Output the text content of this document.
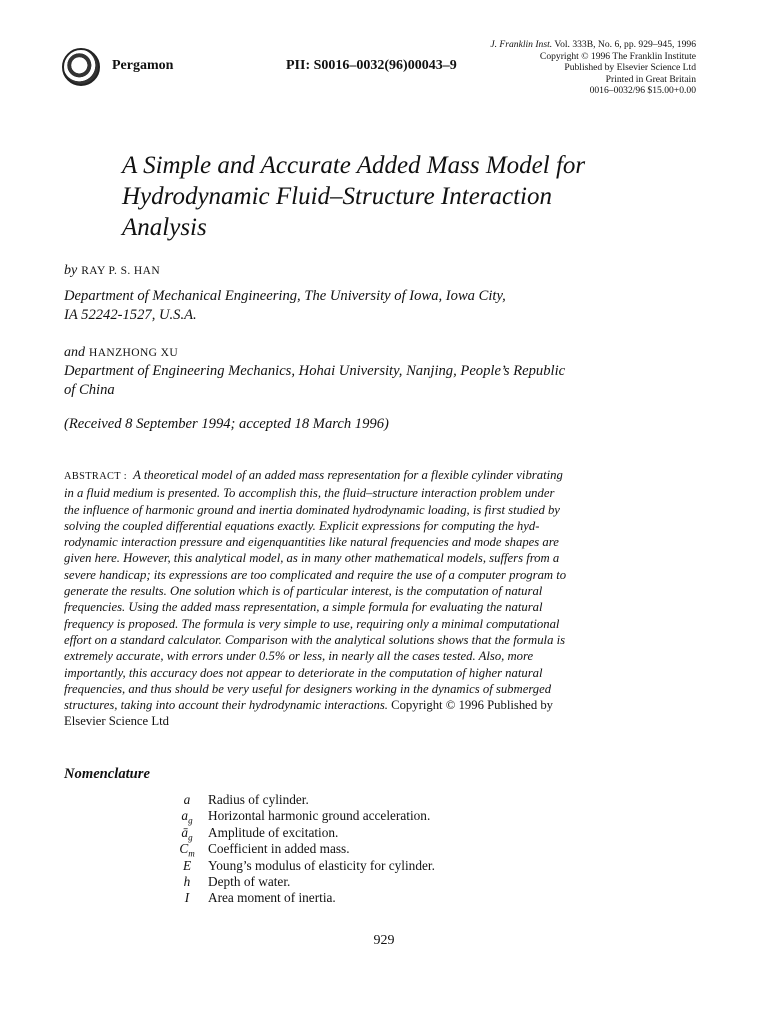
Pergamon	PII: S0016–0032(96)00043–9
J. Franklin Inst. Vol. 333B, No. 6, pp. 929–945, 1996
Copyright © 1996 The Franklin Institute
Published by Elsevier Science Ltd
Printed in Great Britain
0016–0032/96 $15.00+0.00
A Simple and Accurate Added Mass Model for
Hydrodynamic Fluid–Structure Interaction
Analysis
by RAY P. S. HAN
Department of Mechanical Engineering, The University of Iowa, Iowa City,
IA 52242-1527, U.S.A.
and HANZHONG XU
Department of Engineering Mechanics, Hohai University, Nanjing, People’s Republic
of China
(Received 8 September 1994; accepted 18 March 1996)
ABSTRACT : A theoretical model of an added mass representation for a flexible cylinder vibrating
in a fluid medium is presented. To accomplish this, the fluid–structure interaction problem under
the influence of harmonic ground and inertia dominated hydrodynamic loading, is first studied by
solving the coupled differential equations exactly. Explicit expressions for computing the hyd-
rodynamic interaction pressure and eigenquantities like natural frequencies and mode shapes are
given here. However, this analytical model, as in many other mathematical models, suffers from a
severe handicap; its expressions are too complicated and require the use of a computer program to
generate the results. One solution which is of particular interest, is the computation of natural
frequencies. Using the added mass representation, a simple formula for evaluating the natural
frequency is proposed. The formula is very simple to use, requiring only a minimal computational
effort on a standard calculator. Comparison with the analytical solutions shows that the formula is
extremely accurate, with errors under 0.5% or less, in nearly all the cases tested. Also, more
importantly, this accuracy does not appear to deteriorate in the computation of higher natural
frequencies, and thus should be very useful for designers working in the dynamics of submerged
structures, taking into account their hydrodynamic interactions. Copyright © 1996 Published by
Elsevier Science Ltd
Nomenclature
a	Radius of cylinder.
$a_g$	Horizontal harmonic ground acceleration.
$ā_g$	Amplitude of excitation.
$C_m$	Coefficient in added mass.
E	Young’s modulus of elasticity for cylinder.
h	Depth of water.
I	Area moment of inertia.
929
